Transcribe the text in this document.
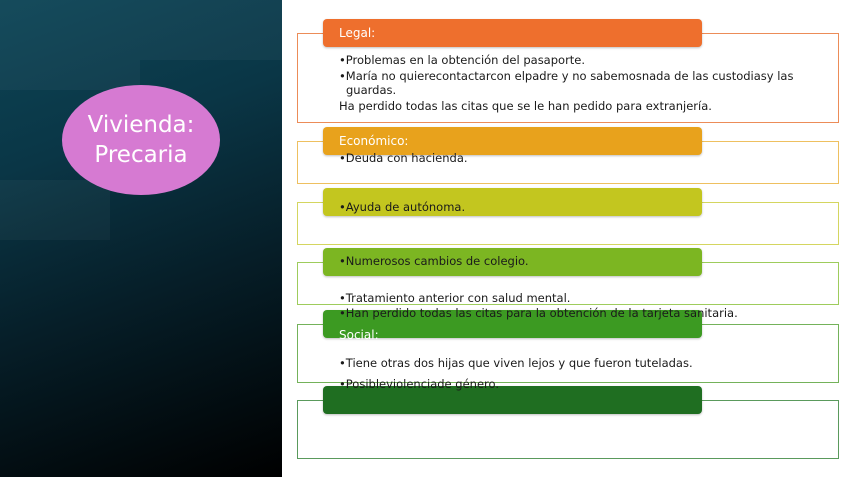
Vivienda:
Precaria
Legal:
Económico:
Social:
•Problemas en la obtención del pasaporte.
•María no quierecontactarcon elpadre y no sabemosnada de las custodiasy las
guardas.
Ha perdido todas las citas que se le han pedido para extranjería.
•Deuda con hacienda.
•Ayuda de autónoma.
•Numerosos cambios de colegio.
•Tratamiento anterior con salud mental.
•Han perdido todas las citas para la obtención de la tarjeta sanitaria.
•Tiene otras dos hijas que viven lejos y que fueron tuteladas.
•Posibleviolenciade género.
